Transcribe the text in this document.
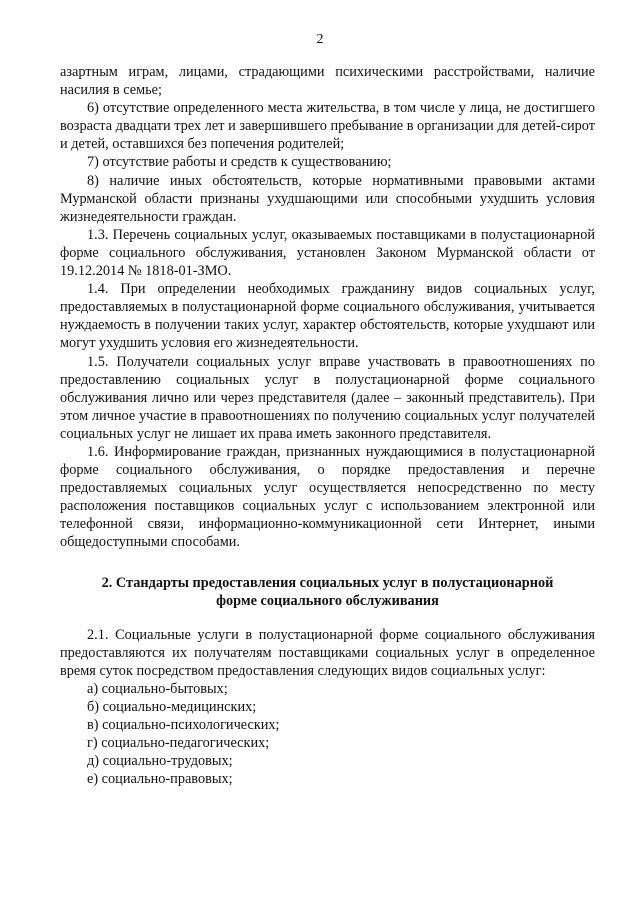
2

азартным играм, лицами, страдающими психическими расстройствами, наличие насилия в семье;

6) отсутствие определенного места жительства, в том числе у лица, не достигшего возраста двадцати трех лет и завершившего пребывание в организации для детей-сирот и детей, оставшихся без попечения родителей;

7) отсутствие работы и средств к существованию;

8) наличие иных обстоятельств, которые нормативными правовыми актами Мурманской области признаны ухудшающими или способными ухудшить условия жизнедеятельности граждан.

1.3. Перечень социальных услуг, оказываемых поставщиками в полустационарной форме социального обслуживания, установлен Законом Мурманской области от 19.12.2014 № 1818-01-ЗМО.

1.4. При определении необходимых гражданину видов социальных услуг, предоставляемых в полустационарной форме социального обслуживания, учитывается нуждаемость в получении таких услуг, характер обстоятельств, которые ухудшают или могут ухудшить условия его жизнедеятельности.

1.5. Получатели социальных услуг вправе участвовать в правоотношениях по предоставлению социальных услуг в полустационарной форме социального обслуживания лично или через представителя (далее – законный представитель). При этом личное участие в правоотношениях по получению социальных услуг получателей социальных услуг не лишает их права иметь законного представителя.

1.6. Информирование граждан, признанных нуждающимися в полустационарной форме социального обслуживания, о порядке предоставления и перечне предоставляемых социальных услуг осуществляется непосредственно по месту расположения поставщиков социальных услуг с использованием электронной или телефонной связи, информационно-коммуникационной сети Интернет, иными общедоступными способами.

2. Стандарты предоставления социальных услуг в полустационарной

форме социального обслуживания

2.1. Социальные услуги в полустационарной форме социального обслуживания предоставляются их получателям поставщиками социальных услуг в определенное время суток посредством предоставления следующих видов социальных услуг:

а) социально-бытовых;

б) социально-медицинских;

в) социально-психологических;

г) социально-педагогических;

д) социально-трудовых;

е) социально-правовых;
